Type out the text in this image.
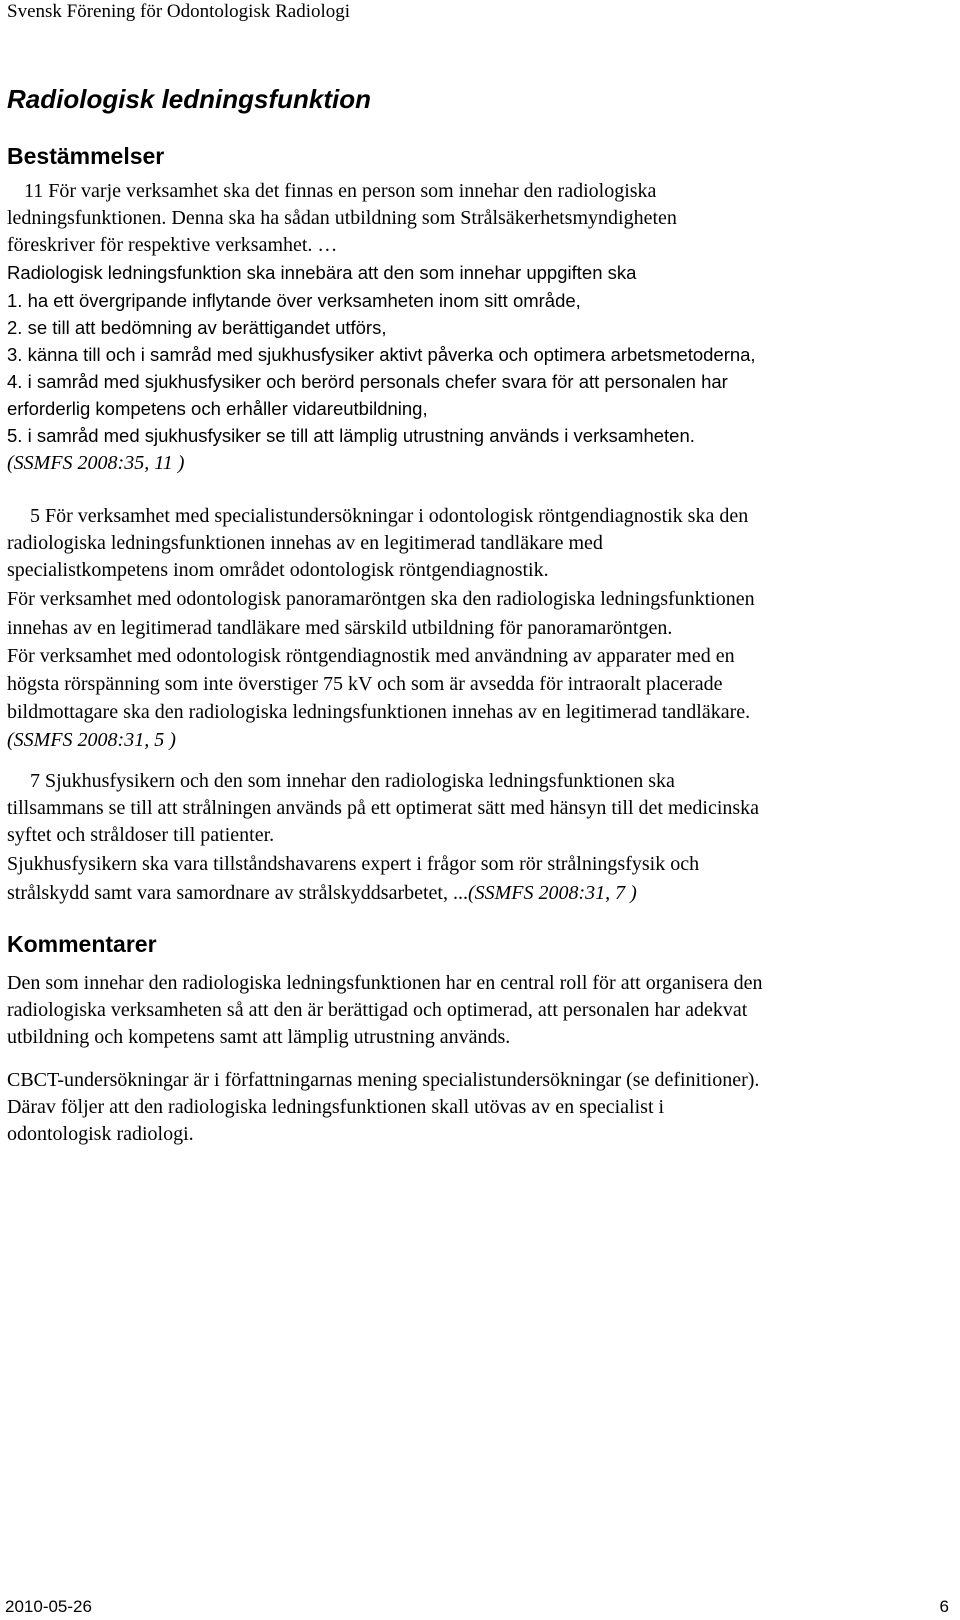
Svensk Förening för Odontologisk Radiologi
Radiologisk ledningsfunktion
Bestämmelser
11 För varje verksamhet ska det finnas en person som innehar den radiologiska
ledningsfunktionen. Denna ska ha sådan utbildning som Strålsäkerhetsmyndigheten
föreskriver för respektive verksamhet. …
Radiologisk ledningsfunktion ska innebära att den som innehar uppgiften ska
1. ha ett övergripande inflytande över verksamheten inom sitt område,
2. se till att bedömning av berättigandet utförs,
3. känna till och i samråd med sjukhusfysiker aktivt påverka och optimera arbetsmetoderna,
4. i samråd med sjukhusfysiker och berörd personals chefer svara för att personalen har
erforderlig kompetens och erhåller vidareutbildning,
5. i samråd med sjukhusfysiker se till att lämplig utrustning används i verksamheten.
(SSMFS 2008:35, 11 )
5 För verksamhet med specialistundersökningar i odontologisk röntgendiagnostik ska den
radiologiska ledningsfunktionen innehas av en legitimerad tandläkare med
specialistkompetens inom området odontologisk röntgendiagnostik.
För verksamhet med odontologisk panoramaröntgen ska den radiologiska ledningsfunktionen
innehas av en legitimerad tandläkare med särskild utbildning för panoramaröntgen.
För verksamhet med odontologisk röntgendiagnostik med användning av apparater med en
högsta rörspänning som inte överstiger 75 kV och som är avsedda för intraoralt placerade
bildmottagare ska den radiologiska ledningsfunktionen innehas av en legitimerad tandläkare.
(SSMFS 2008:31, 5 )
7 Sjukhusfysikern och den som innehar den radiologiska ledningsfunktionen ska
tillsammans se till att strålningen används på ett optimerat sätt med hänsyn till det medicinska
syftet och stråldoser till patienter.
Sjukhusfysikern ska vara tillståndshavarens expert i frågor som rör strålningsfysik och
strålskydd samt vara samordnare av strålskyddsarbetet, ...(SSMFS 2008:31, 7 )
Kommentarer
Den som innehar den radiologiska ledningsfunktionen har en central roll för att organisera den
radiologiska verksamheten så att den är berättigad och optimerad, att personalen har adekvat
utbildning och kompetens samt att lämplig utrustning används.
CBCT-undersökningar är i författningarnas mening specialistundersökningar (se definitioner).
Därav följer att den radiologiska ledningsfunktionen skall utövas av en specialist i
odontologisk radiologi.
2010-05-26	6
